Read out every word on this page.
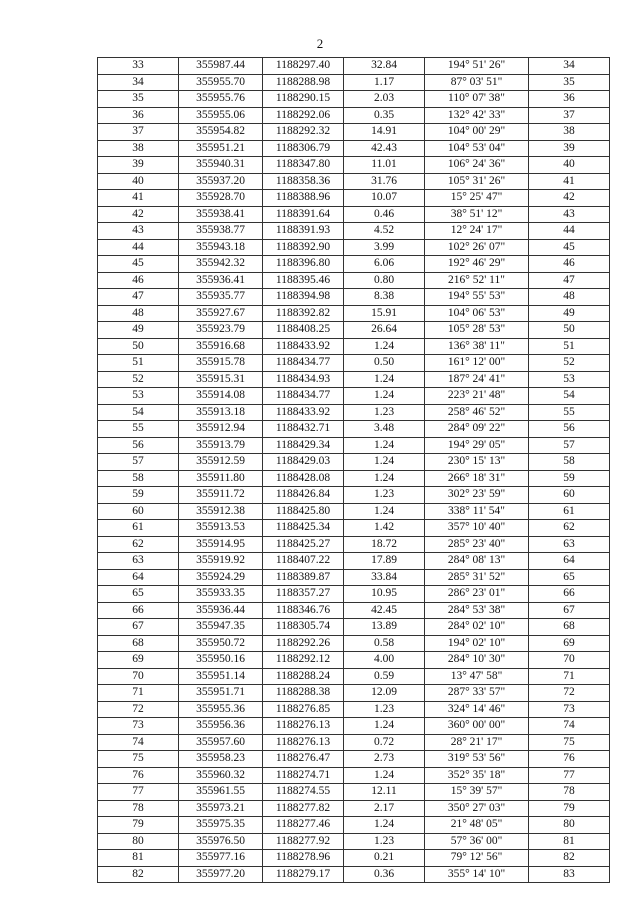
2
33	355987.44	1188297.40	32.84	194° 51' 26"	34
34	355955.70	1188288.98	1.17	87° 03' 51"	35
35	355955.76	1188290.15	2.03	110° 07' 38"	36
36	355955.06	1188292.06	0.35	132° 42' 33"	37
37	355954.82	1188292.32	14.91	104° 00' 29"	38
38	355951.21	1188306.79	42.43	104° 53' 04"	39
39	355940.31	1188347.80	11.01	106° 24' 36"	40
40	355937.20	1188358.36	31.76	105° 31' 26"	41
41	355928.70	1188388.96	10.07	15° 25' 47"	42
42	355938.41	1188391.64	0.46	38° 51' 12"	43
43	355938.77	1188391.93	4.52	12° 24' 17"	44
44	355943.18	1188392.90	3.99	102° 26' 07"	45
45	355942.32	1188396.80	6.06	192° 46' 29"	46
46	355936.41	1188395.46	0.80	216° 52' 11"	47
47	355935.77	1188394.98	8.38	194° 55' 53"	48
48	355927.67	1188392.82	15.91	104° 06' 53"	49
49	355923.79	1188408.25	26.64	105° 28' 53"	50
50	355916.68	1188433.92	1.24	136° 38' 11"	51
51	355915.78	1188434.77	0.50	161° 12' 00"	52
52	355915.31	1188434.93	1.24	187° 24' 41"	53
53	355914.08	1188434.77	1.24	223° 21' 48"	54
54	355913.18	1188433.92	1.23	258° 46' 52"	55
55	355912.94	1188432.71	3.48	284° 09' 22"	56
56	355913.79	1188429.34	1.24	194° 29' 05"	57
57	355912.59	1188429.03	1.24	230° 15' 13"	58
58	355911.80	1188428.08	1.24	266° 18' 31"	59
59	355911.72	1188426.84	1.23	302° 23' 59"	60
60	355912.38	1188425.80	1.24	338° 11' 54"	61
61	355913.53	1188425.34	1.42	357° 10' 40"	62
62	355914.95	1188425.27	18.72	285° 23' 40"	63
63	355919.92	1188407.22	17.89	284° 08' 13"	64
64	355924.29	1188389.87	33.84	285° 31' 52"	65
65	355933.35	1188357.27	10.95	286° 23' 01"	66
66	355936.44	1188346.76	42.45	284° 53' 38"	67
67	355947.35	1188305.74	13.89	284° 02' 10"	68
68	355950.72	1188292.26	0.58	194° 02' 10"	69
69	355950.16	1188292.12	4.00	284° 10' 30"	70
70	355951.14	1188288.24	0.59	13° 47' 58"	71
71	355951.71	1188288.38	12.09	287° 33' 57"	72
72	355955.36	1188276.85	1.23	324° 14' 46"	73
73	355956.36	1188276.13	1.24	360° 00' 00"	74
74	355957.60	1188276.13	0.72	28° 21' 17"	75
75	355958.23	1188276.47	2.73	319° 53' 56"	76
76	355960.32	1188274.71	1.24	352° 35' 18"	77
77	355961.55	1188274.55	12.11	15° 39' 57"	78
78	355973.21	1188277.82	2.17	350° 27' 03"	79
79	355975.35	1188277.46	1.24	21° 48' 05"	80
80	355976.50	1188277.92	1.23	57° 36' 00"	81
81	355977.16	1188278.96	0.21	79° 12' 56"	82
82	355977.20	1188279.17	0.36	355° 14' 10"	83
